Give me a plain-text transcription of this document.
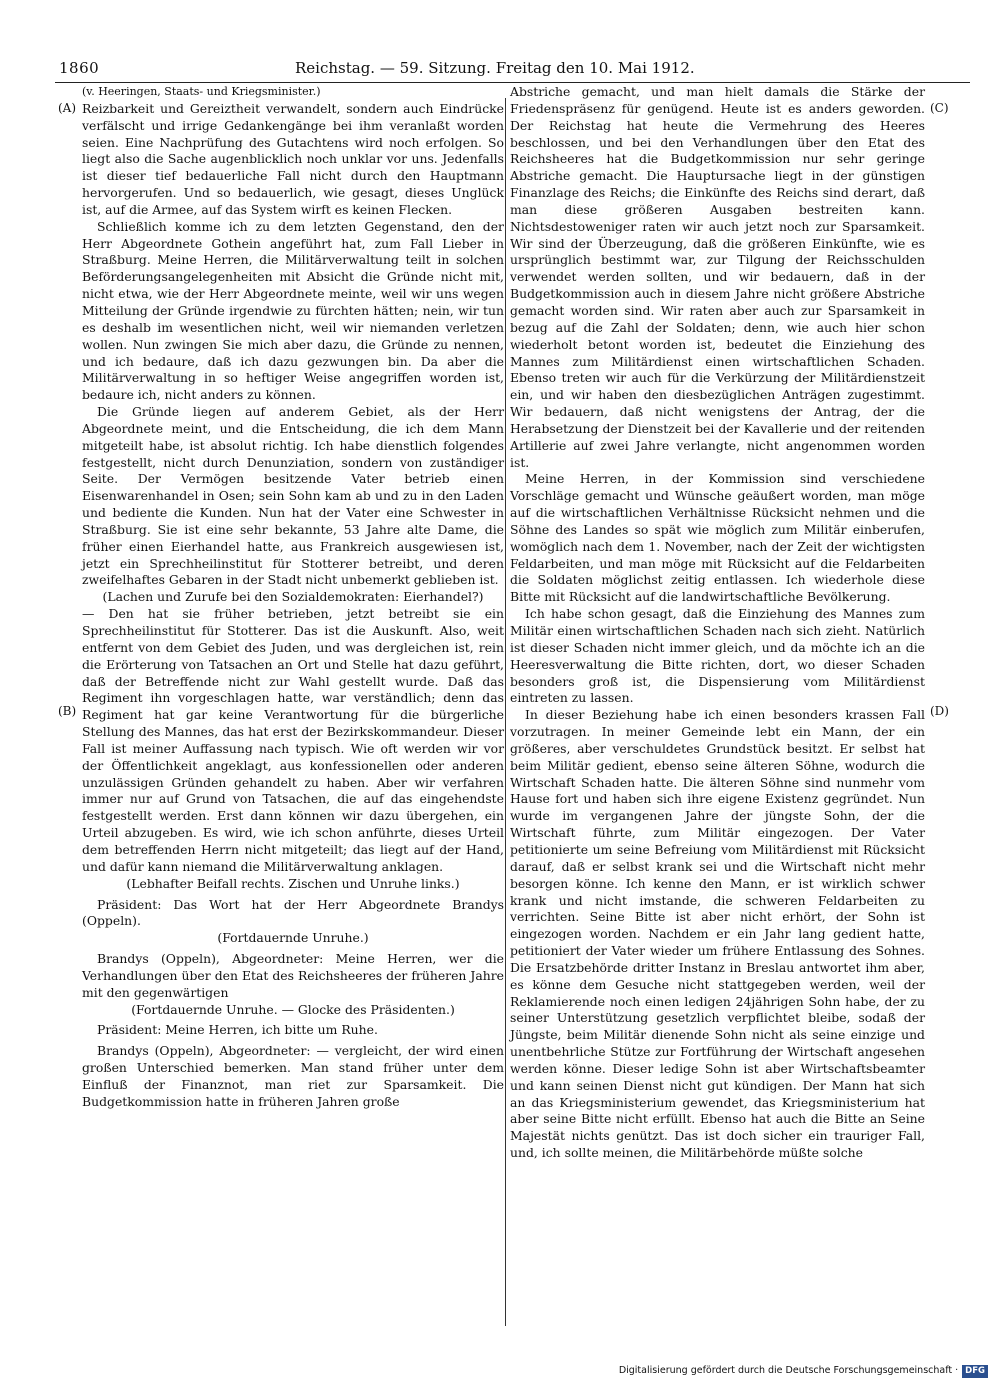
1860	Reichstag. — 59. Sitzung. Freitag den 10. Mai 1912.
(A)
(B)
(C)
(D)

(v. Heeringen, Staats- und Kriegsminister.)

Reizbarkeit und Gereiztheit verwandelt, sondern auch Eindrücke verfälscht und irrige Gedankengänge bei ihm veranlaßt worden seien. Eine Nachprüfung des Gutachtens wird noch erfolgen. So liegt also die Sache augenblicklich noch unklar vor uns. Jedenfalls ist dieser tief bedauerliche Fall nicht durch den Hauptmann hervorgerufen. Und so bedauerlich, wie gesagt, dieses Unglück ist, auf die Armee, auf das System wirft es keinen Flecken.

Schließlich komme ich zu dem letzten Gegenstand, den der Herr Abgeordnete Gothein angeführt hat, zum Fall Lieber in Straßburg. Meine Herren, die Militärverwaltung teilt in solchen Beförderungsangelegenheiten mit Absicht die Gründe nicht mit, nicht etwa, wie der Herr Abgeordnete meinte, weil wir uns wegen Mitteilung der Gründe irgendwie zu fürchten hätten; nein, wir tun es deshalb im wesentlichen nicht, weil wir niemanden verletzen wollen. Nun zwingen Sie mich aber dazu, die Gründe zu nennen, und ich bedaure, daß ich dazu gezwungen bin. Da aber die Militärverwaltung in so heftiger Weise angegriffen worden ist, bedaure ich, nicht anders zu können.

Die Gründe liegen auf anderem Gebiet, als der Herr Abgeordnete meint, und die Entscheidung, die ich dem Mann mitgeteilt habe, ist absolut richtig. Ich habe dienstlich folgendes festgestellt, nicht durch Denunziation, sondern von zuständiger Seite. Der Vermögen besitzende Vater betrieb einen Eisenwarenhandel in Osen; sein Sohn kam ab und zu in den Laden und bediente die Kunden. Nun hat der Vater eine Schwester in Straßburg. Sie ist eine sehr bekannte, 53 Jahre alte Dame, die früher einen Eierhandel hatte, aus Frankreich ausgewiesen ist, jetzt ein Sprechheilinstitut für Stotterer betreibt, und deren zweifelhaftes Gebaren in der Stadt nicht unbemerkt geblieben ist.

(Lachen und Zurufe bei den Sozialdemokraten: Eierhandel?)

— Den hat sie früher betrieben, jetzt betreibt sie ein Sprechheilinstitut für Stotterer. Das ist die Auskunft. Also, weit entfernt von dem Gebiet des Juden, und was dergleichen ist, rein die Erörterung von Tatsachen an Ort und Stelle hat dazu geführt, daß der Betreffende nicht zur Wahl gestellt wurde. Daß das Regiment ihn vorgeschlagen hatte, war verständlich; denn das Regiment hat gar keine Verantwortung für die bürgerliche Stellung des Mannes, das hat erst der Bezirkskommandeur. Dieser Fall ist meiner Auffassung nach typisch. Wie oft werden wir vor der Öffentlichkeit angeklagt, aus konfessionellen oder anderen unzulässigen Gründen gehandelt zu haben. Aber wir verfahren immer nur auf Grund von Tatsachen, die auf das eingehendste festgestellt werden. Erst dann können wir dazu übergehen, ein Urteil abzugeben. Es wird, wie ich schon anführte, dieses Urteil dem betreffenden Herrn nicht mitgeteilt; das liegt auf der Hand, und dafür kann niemand die Militärverwaltung anklagen.

(Lebhafter Beifall rechts. Zischen und Unruhe links.)

Präsident: Das Wort hat der Herr Abgeordnete Brandys (Oppeln).

(Fortdauernde Unruhe.)

Brandys (Oppeln), Abgeordneter: Meine Herren, wer die Verhandlungen über den Etat des Reichsheeres der früheren Jahre mit den gegenwärtigen

(Fortdauernde Unruhe. — Glocke des Präsidenten.)

Präsident: Meine Herren, ich bitte um Ruhe.

Brandys (Oppeln), Abgeordneter: — vergleicht, der wird einen großen Unterschied bemerken. Man stand früher unter dem Einfluß der Finanznot, man riet zur Sparsamkeit. Die Budgetkommission hatte in früheren Jahren große

Abstriche gemacht, und man hielt damals die Stärke der Friedenspräsenz für genügend. Heute ist es anders geworden. Der Reichstag hat heute die Vermehrung des Heeres beschlossen, und bei den Verhandlungen über den Etat des Reichsheeres hat die Budgetkommission nur sehr geringe Abstriche gemacht. Die Hauptursache liegt in der günstigen Finanzlage des Reichs; die Einkünfte des Reichs sind derart, daß man diese größeren Ausgaben bestreiten kann. Nichtsdestoweniger raten wir auch jetzt noch zur Sparsamkeit. Wir sind der Überzeugung, daß die größeren Einkünfte, wie es ursprünglich bestimmt war, zur Tilgung der Reichsschulden verwendet werden sollten, und wir bedauern, daß in der Budgetkommission auch in diesem Jahre nicht größere Abstriche gemacht worden sind. Wir raten aber auch zur Sparsamkeit in bezug auf die Zahl der Soldaten; denn, wie auch hier schon wiederholt betont worden ist, bedeutet die Einziehung des Mannes zum Militärdienst einen wirtschaftlichen Schaden. Ebenso treten wir auch für die Verkürzung der Militärdienstzeit ein, und wir haben den diesbezüglichen Anträgen zugestimmt. Wir bedauern, daß nicht wenigstens der Antrag, der die Herabsetzung der Dienstzeit bei der Kavallerie und der reitenden Artillerie auf zwei Jahre verlangte, nicht angenommen worden ist.

Meine Herren, in der Kommission sind verschiedene Vorschläge gemacht und Wünsche geäußert worden, man möge auf die wirtschaftlichen Verhältnisse Rücksicht nehmen und die Söhne des Landes so spät wie möglich zum Militär einberufen, womöglich nach dem 1. November, nach der Zeit der wichtigsten Feldarbeiten, und man möge mit Rücksicht auf die Feldarbeiten die Soldaten möglichst zeitig entlassen. Ich wiederhole diese Bitte mit Rücksicht auf die landwirtschaftliche Bevölkerung.

Ich habe schon gesagt, daß die Einziehung des Mannes zum Militär einen wirtschaftlichen Schaden nach sich zieht. Natürlich ist dieser Schaden nicht immer gleich, und da möchte ich an die Heeresverwaltung die Bitte richten, dort, wo dieser Schaden besonders groß ist, die Dispensierung vom Militärdienst eintreten zu lassen.

In dieser Beziehung habe ich einen besonders krassen Fall vorzutragen. In meiner Gemeinde lebt ein Mann, der ein größeres, aber verschuldetes Grundstück besitzt. Er selbst hat beim Militär gedient, ebenso seine älteren Söhne, wodurch die Wirtschaft Schaden hatte. Die älteren Söhne sind nunmehr vom Hause fort und haben sich ihre eigene Existenz gegründet. Nun wurde im vergangenen Jahre der jüngste Sohn, der die Wirtschaft führte, zum Militär eingezogen. Der Vater petitionierte um seine Befreiung vom Militärdienst mit Rücksicht darauf, daß er selbst krank sei und die Wirtschaft nicht mehr besorgen könne. Ich kenne den Mann, er ist wirklich schwer krank und nicht imstande, die schweren Feldarbeiten zu verrichten. Seine Bitte ist aber nicht erhört, der Sohn ist eingezogen worden. Nachdem er ein Jahr lang gedient hatte, petitioniert der Vater wieder um frühere Entlassung des Sohnes. Die Ersatzbehörde dritter Instanz in Breslau antwortet ihm aber, es könne dem Gesuche nicht stattgegeben werden, weil der Reklamierende noch einen ledigen 24jährigen Sohn habe, der zu seiner Unterstützung gesetzlich verpflichtet bleibe, sodaß der Jüngste, beim Militär dienende Sohn nicht als seine einzige und unentbehrliche Stütze zur Fortführung der Wirtschaft angesehen werden könne. Dieser ledige Sohn ist aber Wirtschaftsbeamter und kann seinen Dienst nicht gut kündigen. Der Mann hat sich an das Kriegsministerium gewendet, das Kriegsministerium hat aber seine Bitte nicht erfüllt. Ebenso hat auch die Bitte an Seine Majestät nichts genützt. Das ist doch sicher ein trauriger Fall, und, ich sollte meinen, die Militärbehörde müßte solche

Digitalisierung gefördert durch die Deutsche Forschungsgemeinschaft · DFG
